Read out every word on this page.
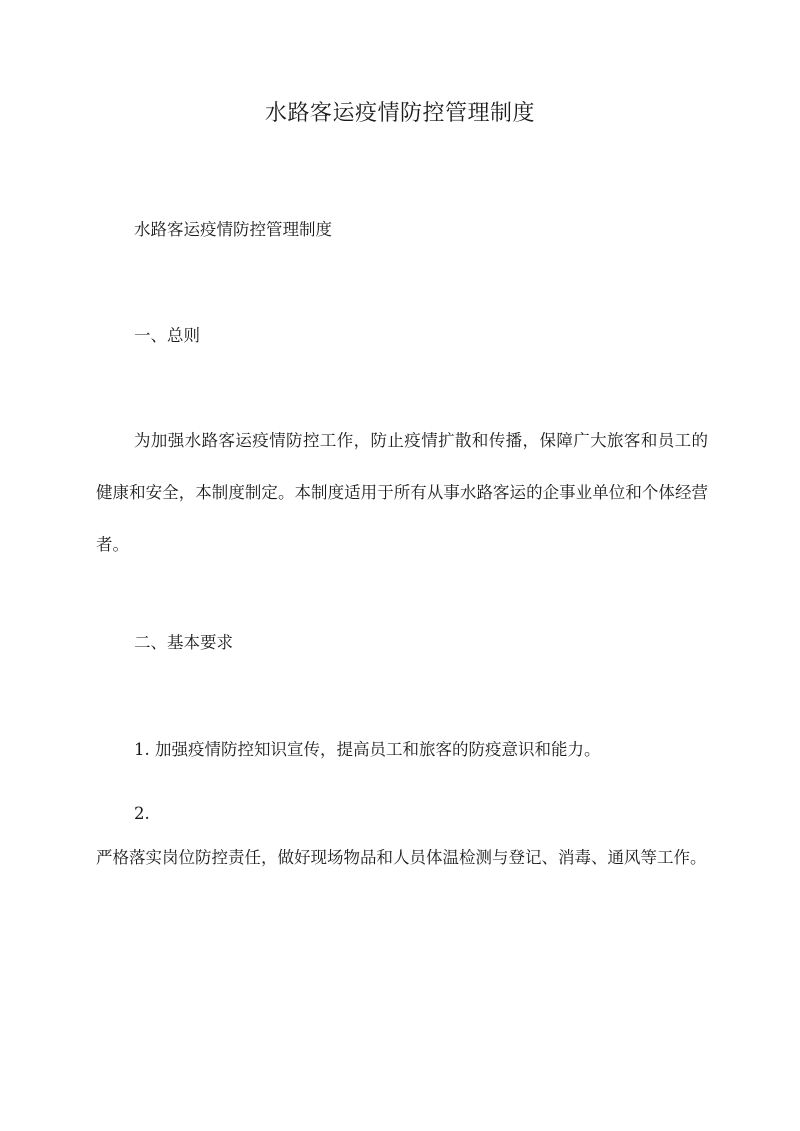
水路客运疫情防控管理制度

水路客运疫情防控管理制度

一、总则

为加强水路客运疫情防控工作，防止疫情扩散和传播，保障广大旅客和员工的健康和安全，本制度制定。本制度适用于所有从事水路客运的企事业单位和个体经营者。

二、基本要求

1. 加强疫情防控知识宣传，提高员工和旅客的防疫意识和能力。

2.

严格落实岗位防控责任，做好现场物品和人员体温检测与登记、消毒、通风等工作。
